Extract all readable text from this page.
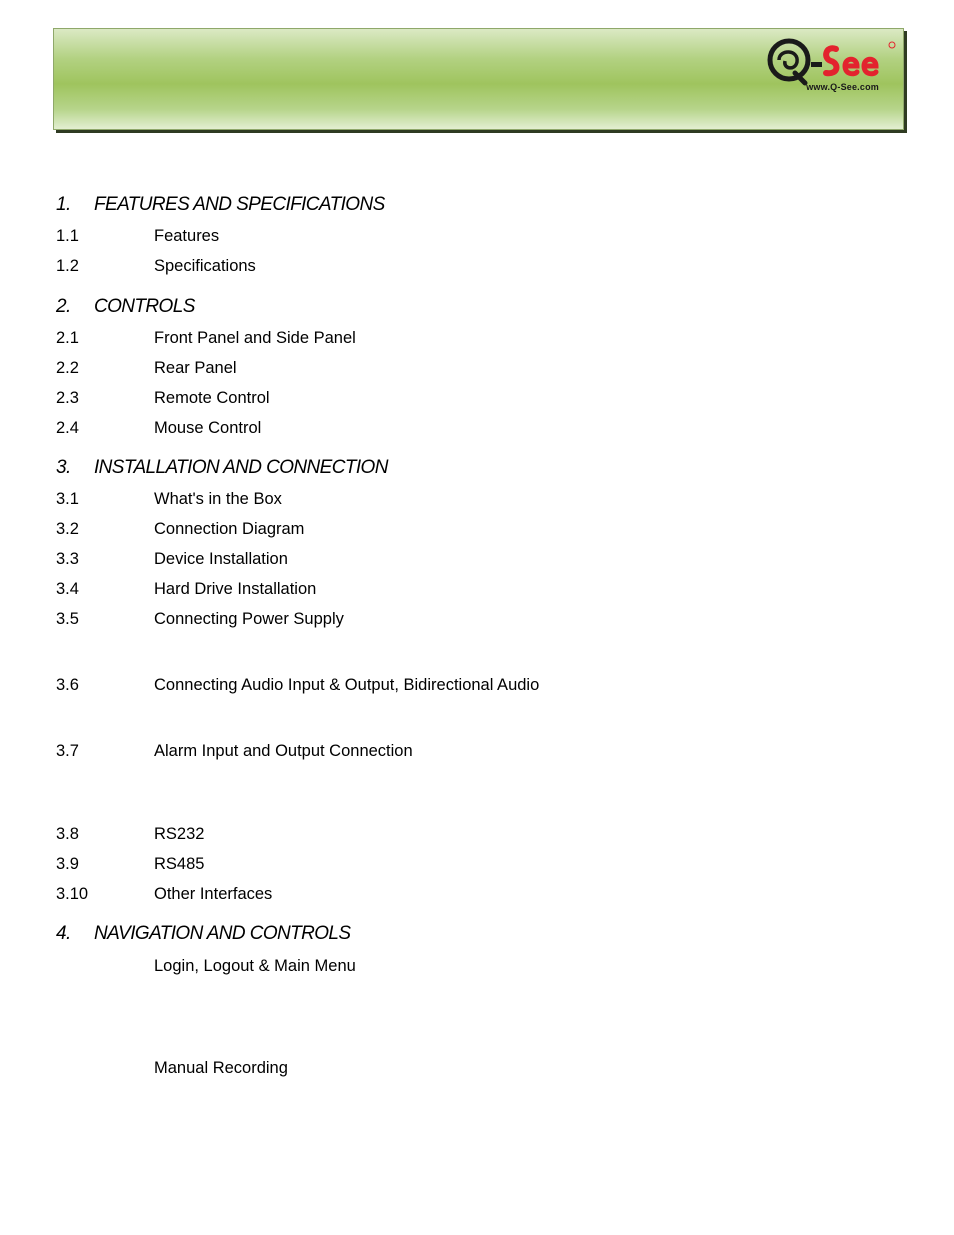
www.Q-See.com
1. FEATURES AND SPECIFICATIONS
1.1	Features
1.2	Specifications
2. CONTROLS
2.1	Front Panel and Side Panel
2.2	Rear Panel
2.3	Remote Control
2.4	Mouse Control
3. INSTALLATION AND CONNECTION
3.1	What's in the Box
3.2	Connection Diagram
3.3	Device Installation
3.4	Hard Drive Installation
3.5	Connecting Power Supply
3.6	Connecting Audio Input & Output, Bidirectional Audio
3.7	Alarm Input and Output Connection
3.8	RS232
3.9	RS485
3.10	Other Interfaces
4. NAVIGATION AND CONTROLS
Login, Logout & Main Menu
Manual Recording
